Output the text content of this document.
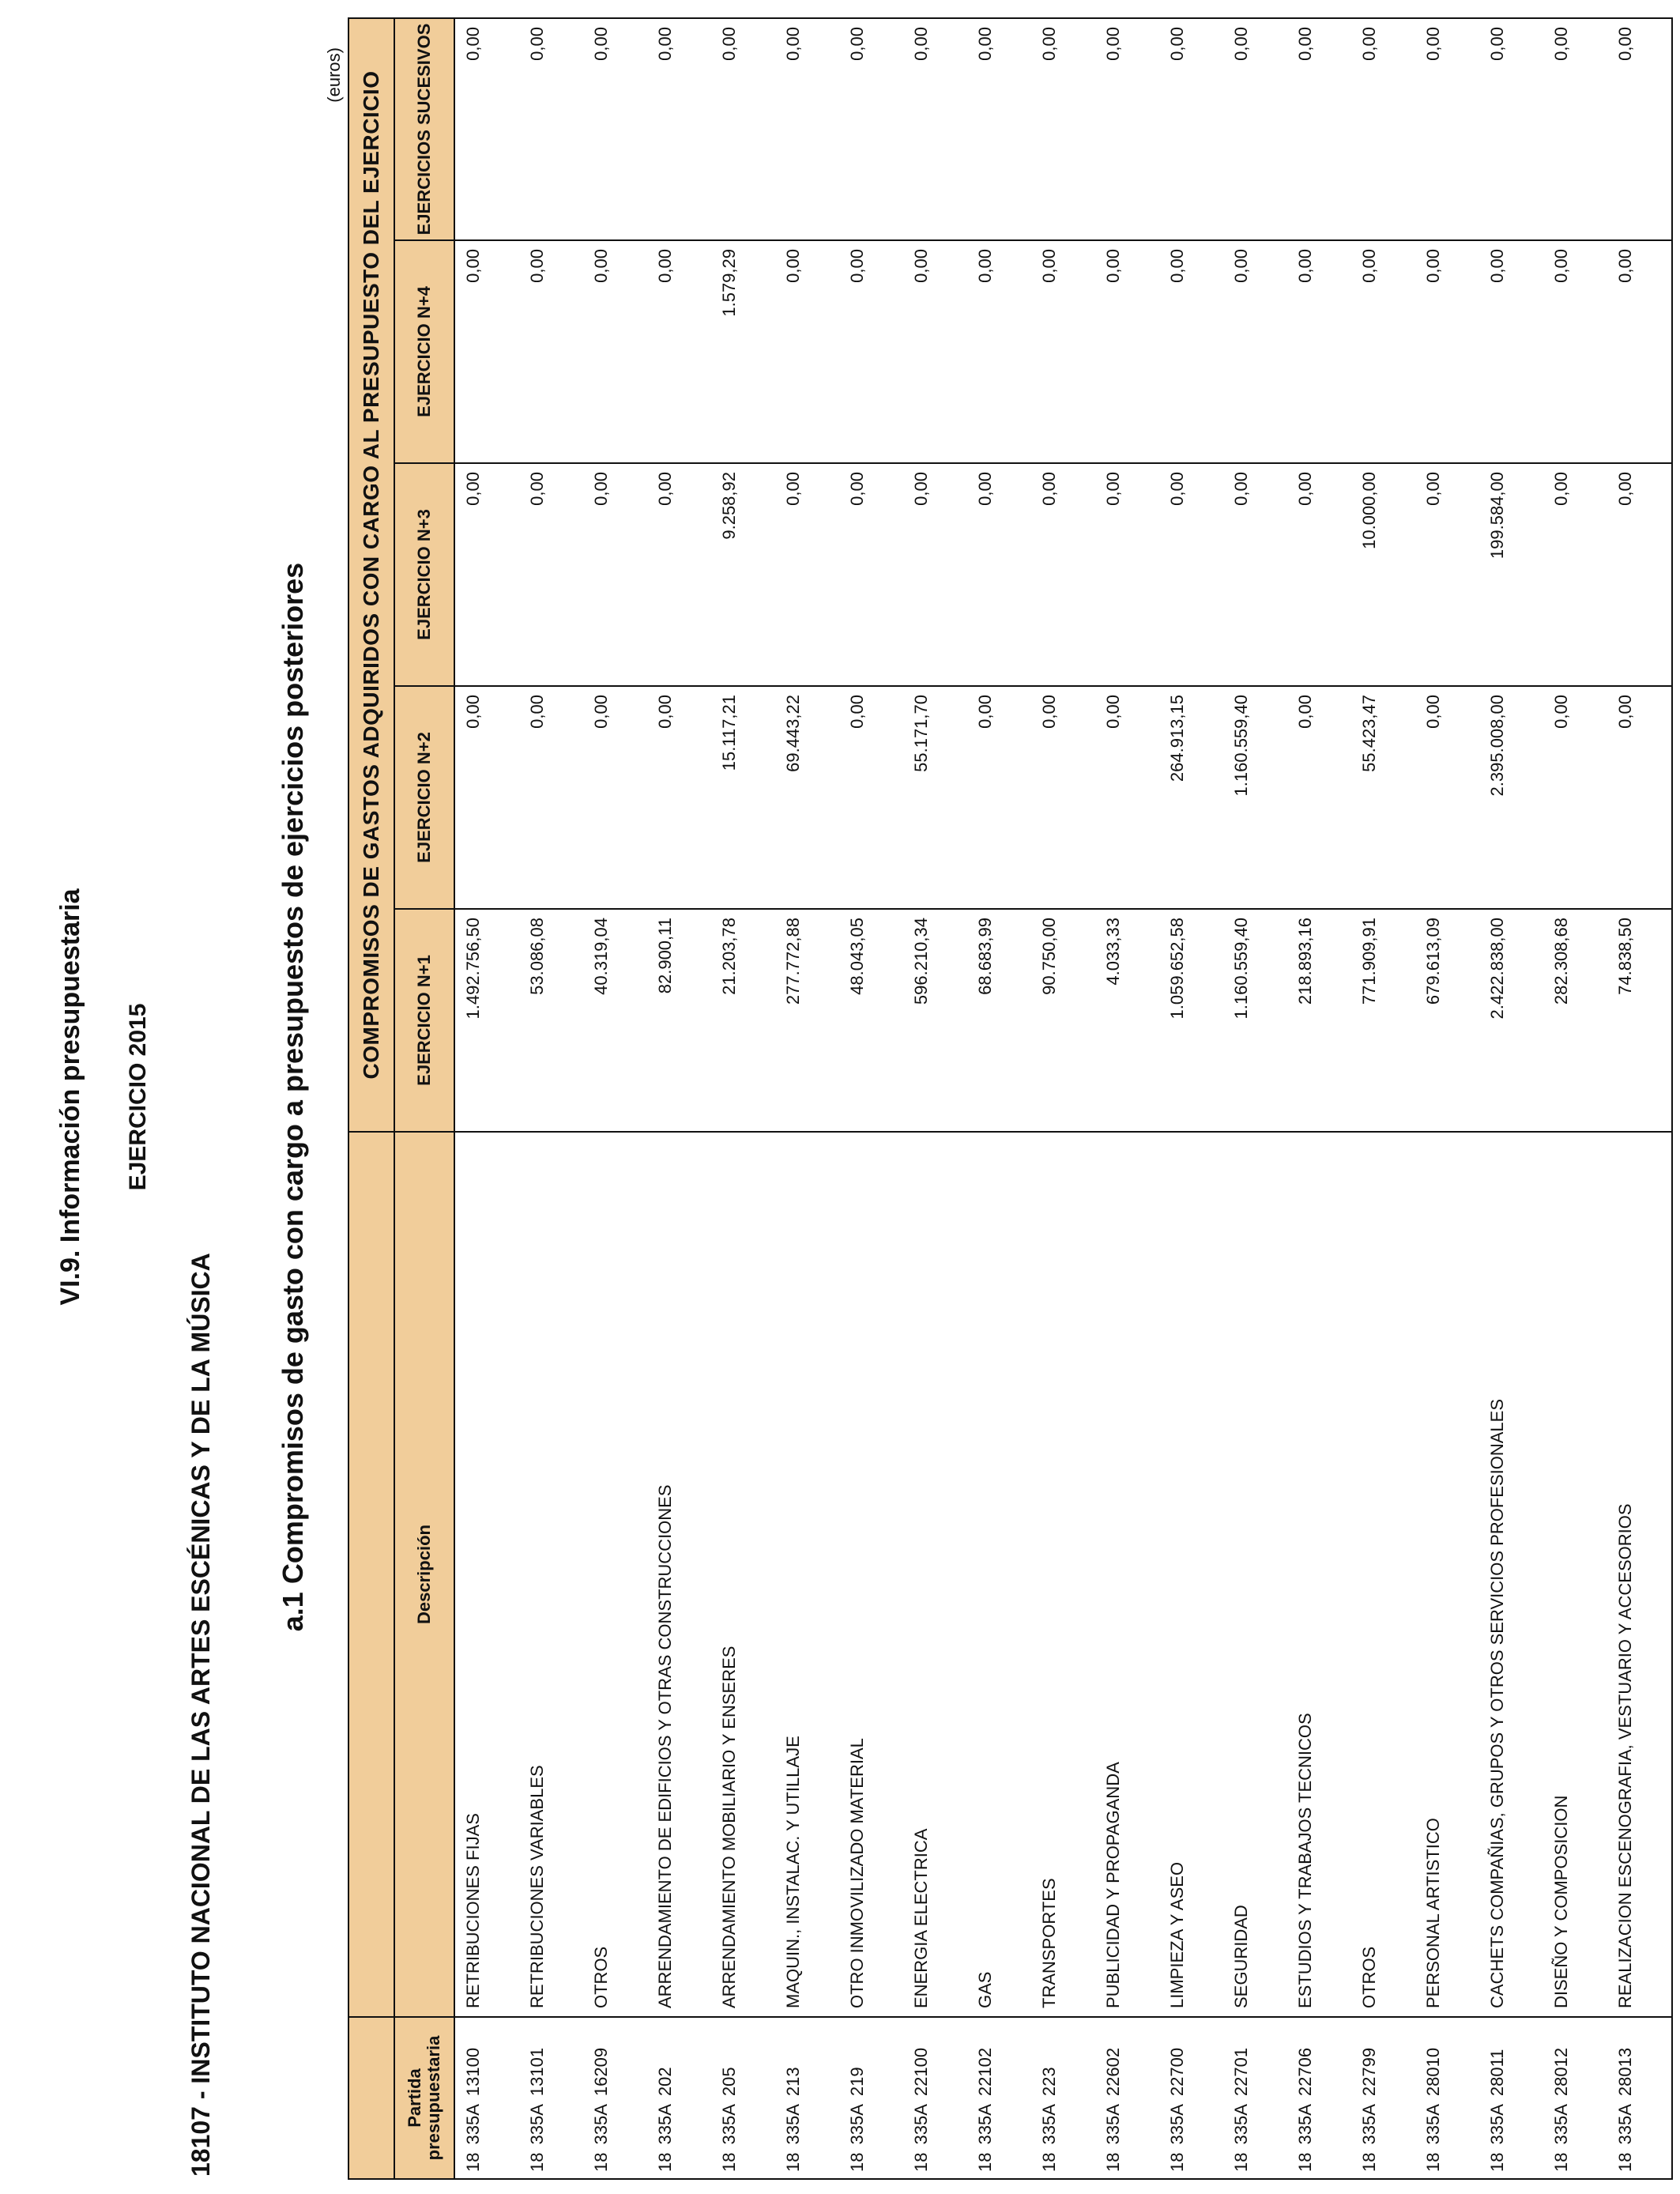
VI.9. Información presupuestaria EJERCICIO 2015
18107 - INSTITUTO NACIONAL DE LAS ARTES ESCÉNICAS Y DE LA MÚSICA
a.1 Compromisos de gasto con cargo a presupuestos de ejercicios posteriores
(euros)
		COMPROMISOS DE GASTOS ADQUIRIDOS CON CARGO AL PRESUPUESTO DEL EJERCICIO				
Partida presupuestaria	Descripción	EJERCICIO N+1	EJERCICIO N+2	EJERCICIO N+3	EJERCICIO N+4	EJERCICIOS SUCESIVOS
18335A13100	RETRIBUCIONES FIJAS	1.492.756,50	0,00	0,00	0,00	0,00
18335A13101	RETRIBUCIONES VARIABLES	53.086,08	0,00	0,00	0,00	0,00
18335A16209	OTROS	40.319,04	0,00	0,00	0,00	0,00
18335A202	ARRENDAMIENTO DE EDIFICIOS Y OTRAS CONSTRUCCIONES	82.900,11	0,00	0,00	0,00	0,00
18335A205	ARRENDAMIENTO MOBILIARIO Y ENSERES	21.203,78	15.117,21	9.258,92	1.579,29	0,00
18335A213	MAQUIN., INSTALAC. Y UTILLAJE	277.772,88	69.443,22	0,00	0,00	0,00
18335A219	OTRO INMOVILIZADO MATERIAL	48.043,05	0,00	0,00	0,00	0,00
18335A22100	ENERGIA ELECTRICA	596.210,34	55.171,70	0,00	0,00	0,00
18335A22102	GAS	68.683,99	0,00	0,00	0,00	0,00
18335A223	TRANSPORTES	90.750,00	0,00	0,00	0,00	0,00
18335A22602	PUBLICIDAD Y PROPAGANDA	4.033,33	0,00	0,00	0,00	0,00
18335A22700	LIMPIEZA Y ASEO	1.059.652,58	264.913,15	0,00	0,00	0,00
18335A22701	SEGURIDAD	1.160.559,40	1.160.559,40	0,00	0,00	0,00
18335A22706	ESTUDIOS Y TRABAJOS TECNICOS	218.893,16	0,00	0,00	0,00	0,00
18335A22799	OTROS	771.909,91	55.423,47	10.000,00	0,00	0,00
18335A28010	PERSONAL ARTISTICO	679.613,09	0,00	0,00	0,00	0,00
18335A28011	CACHETS COMPAÑIAS, GRUPOS Y OTROS SERVICIOS PROFESIONALES	2.422.838,00	2.395.008,00	199.584,00	0,00	0,00
18335A28012	DISEÑO Y COMPOSICION	282.308,68	0,00	0,00	0,00	0,00
18335A28013	REALIZACION ESCENOGRAFIA, VESTUARIO Y ACCESORIOS	74.838,50	0,00	0,00	0,00	0,00
